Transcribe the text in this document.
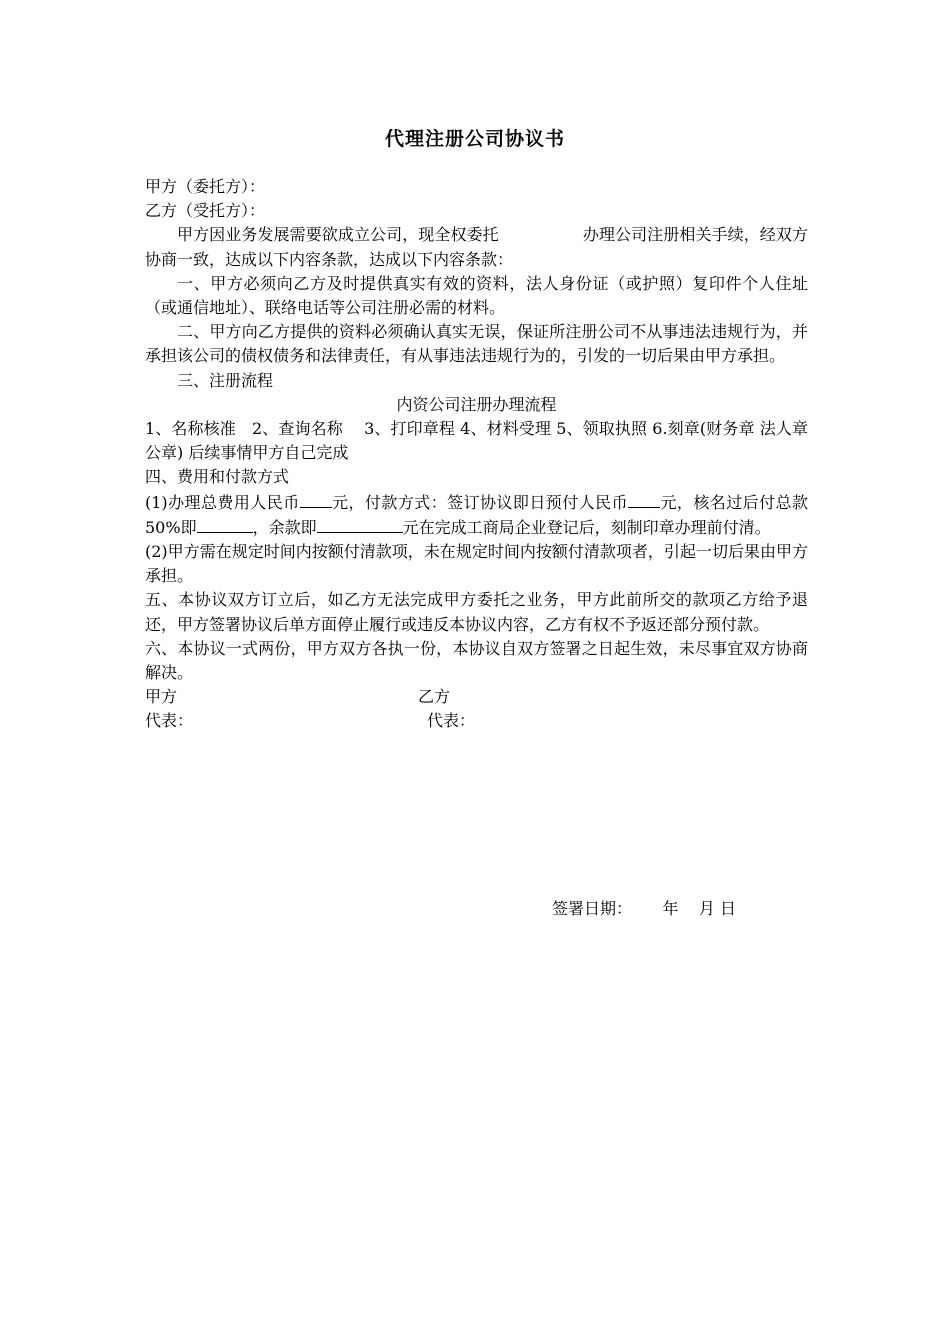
代理注册公司协议书

甲方（委托方）：

乙方（受托方）：

甲方因业务发展需要欲成立公司，现全权委托	办理公司注册相关手续，经双方协商一致，达成以下内容条款，达成以下内容条款：

一、甲方必须向乙方及时提供真实有效的资料，法人身份证（或护照）复印件个人住址（或通信地址）、联络电话等公司注册必需的材料。

二、甲方向乙方提供的资料必须确认真实无误，保证所注册公司不从事违法违规行为，并承担该公司的债权债务和法律责任，有从事违法违规行为的，引发的一切后果由甲方承担。

三、注册流程

内资公司注册办理流程

1、名称核准　2、查询名称　 3、打印章程 4、材料受理 5、领取执照 6.刻章(财务章 法人章 公章) 后续事情甲方自己完成

四、费用和付款方式

(1)办理总费用人民币 元，付款方式：签订协议即日预付人民币 元，核名过后付总款 50%即	，余款即	元在完成工商局企业登记后，刻制印章办理前付清。

(2)甲方需在规定时间内按额付清款项，未在规定时间内按额付清款项者，引起一切后果由甲方承担。

五、本协议双方订立后，如乙方无法完成甲方委托之业务，甲方此前所交的款项乙方给予退还，甲方签署协议后单方面停止履行或违反本协议内容，乙方有权不予返还部分预付款。

六、本协议一式两份，甲方双方各执一份，本协议自双方签署之日起生效，未尽事宜双方协商解决。

甲方	乙方
代表：	代表：
签署日期： 年 月 日
